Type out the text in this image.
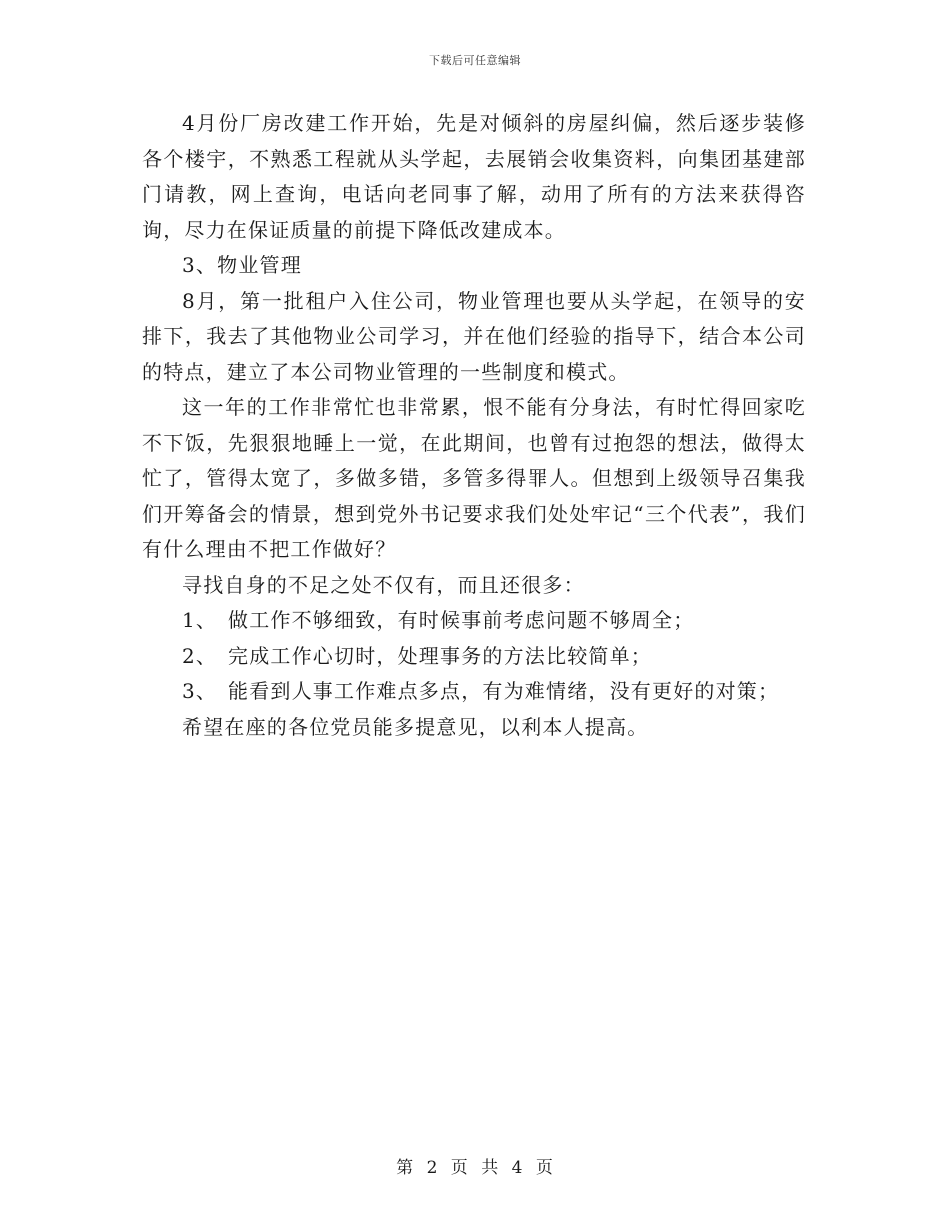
下载后可任意编辑

4月份厂房改建工作开始，先是对倾斜的房屋纠偏，然后逐步装修各个楼宇，不熟悉工程就从头学起，去展销会收集资料，向集团基建部门请教，网上查询，电话向老同事了解，动用了所有的方法来获得咨询，尽力在保证质量的前提下降低改建成本。

3、物业管理

8月，第一批租户入住公司，物业管理也要从头学起，在领导的安排下，我去了其他物业公司学习，并在他们经验的指导下，结合本公司的特点，建立了本公司物业管理的一些制度和模式。

这一年的工作非常忙也非常累，恨不能有分身法，有时忙得回家吃不下饭，先狠狠地睡上一觉，在此期间，也曾有过抱怨的想法，做得太忙了，管得太宽了，多做多错，多管多得罪人。但想到上级领导召集我们开筹备会的情景，想到党外书记要求我们处处牢记“三个代表”，我们有什么理由不把工作做好？

寻找自身的不足之处不仅有，而且还很多：

1、 做工作不够细致，有时候事前考虑问题不够周全；

2、 完成工作心切时，处理事务的方法比较简单；

3、 能看到人事工作难点多点，有为难情绪，没有更好的对策；

希望在座的各位党员能多提意见，以利本人提高。

第 2 页 共 4 页
